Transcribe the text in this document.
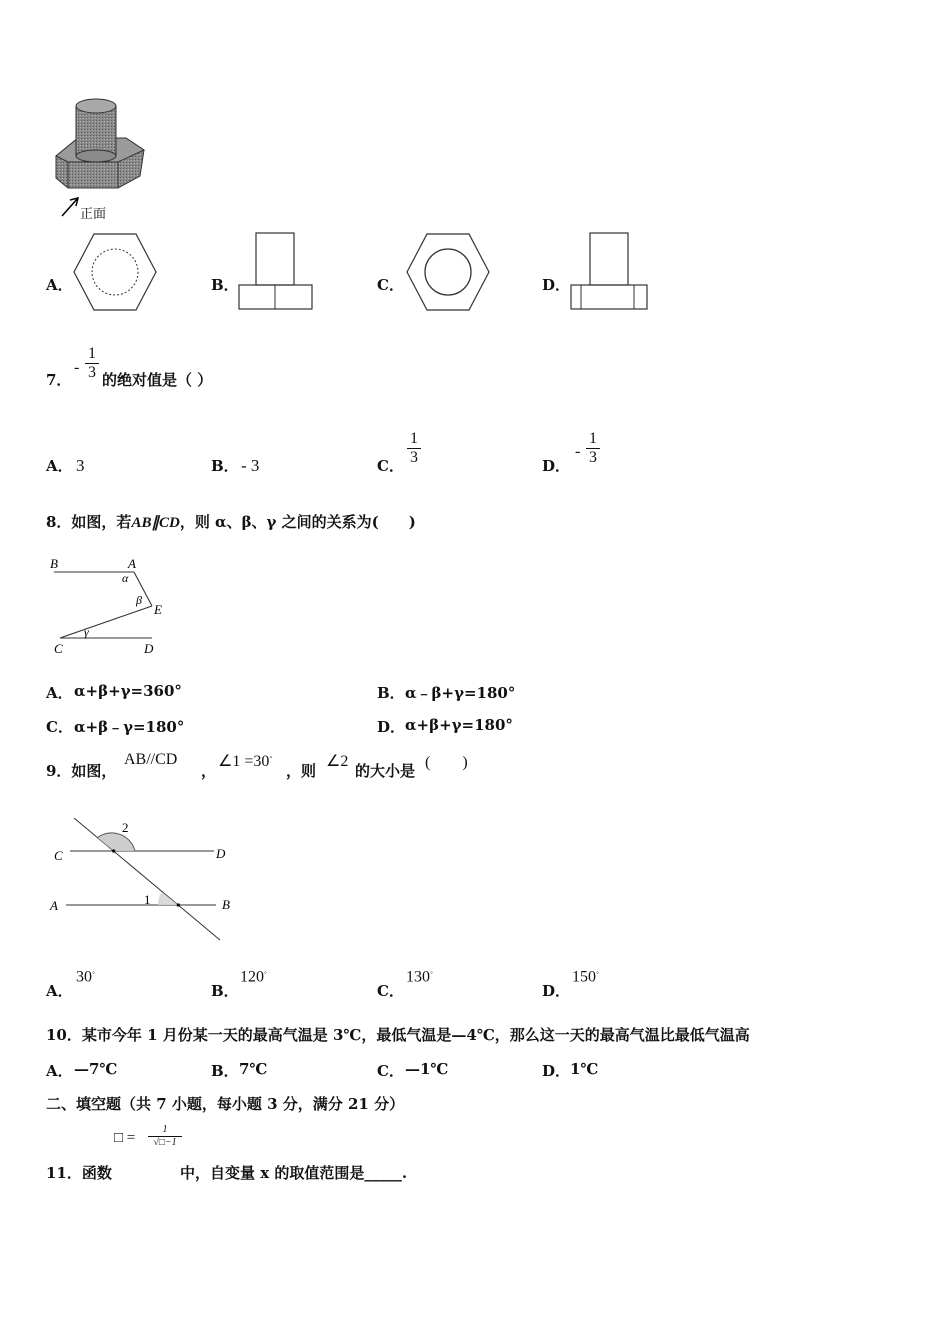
正面
A．	B．	C．	D．
7．
-
1
3 的绝对值是（ ）
A． 3	B． - 3	C．
1
3	D．
-
1
3
8．如图，若AB∥CD，则 α、β、γ 之间的关系为(　　)
B	A
α
β
E
γ
C	D
A． α+β+γ=360°	B． α﹣β+γ=180°
C． α+β﹣γ=180°	D． α+β+γ=180°
9．如图，
AB//CD
，
∠1 =30◦
，则
∠2
的大小是 (　　)
C	D
A	B
1
2
A．
30◦
B．
120◦
C．
130◦
D．
150◦
10．某市今年 1 月份某一天的最高气温是 3℃，最低气温是—4℃，那么这一天的最高气温比最低气温高
A． —7℃	B． 7℃	C． —1℃	D． 1℃
二、填空题（共 7 小题，每小题 3 分，满分 21 分）
□ =
1
√□−1
11．函数	中，自变量 x 的取值范围是_____.
